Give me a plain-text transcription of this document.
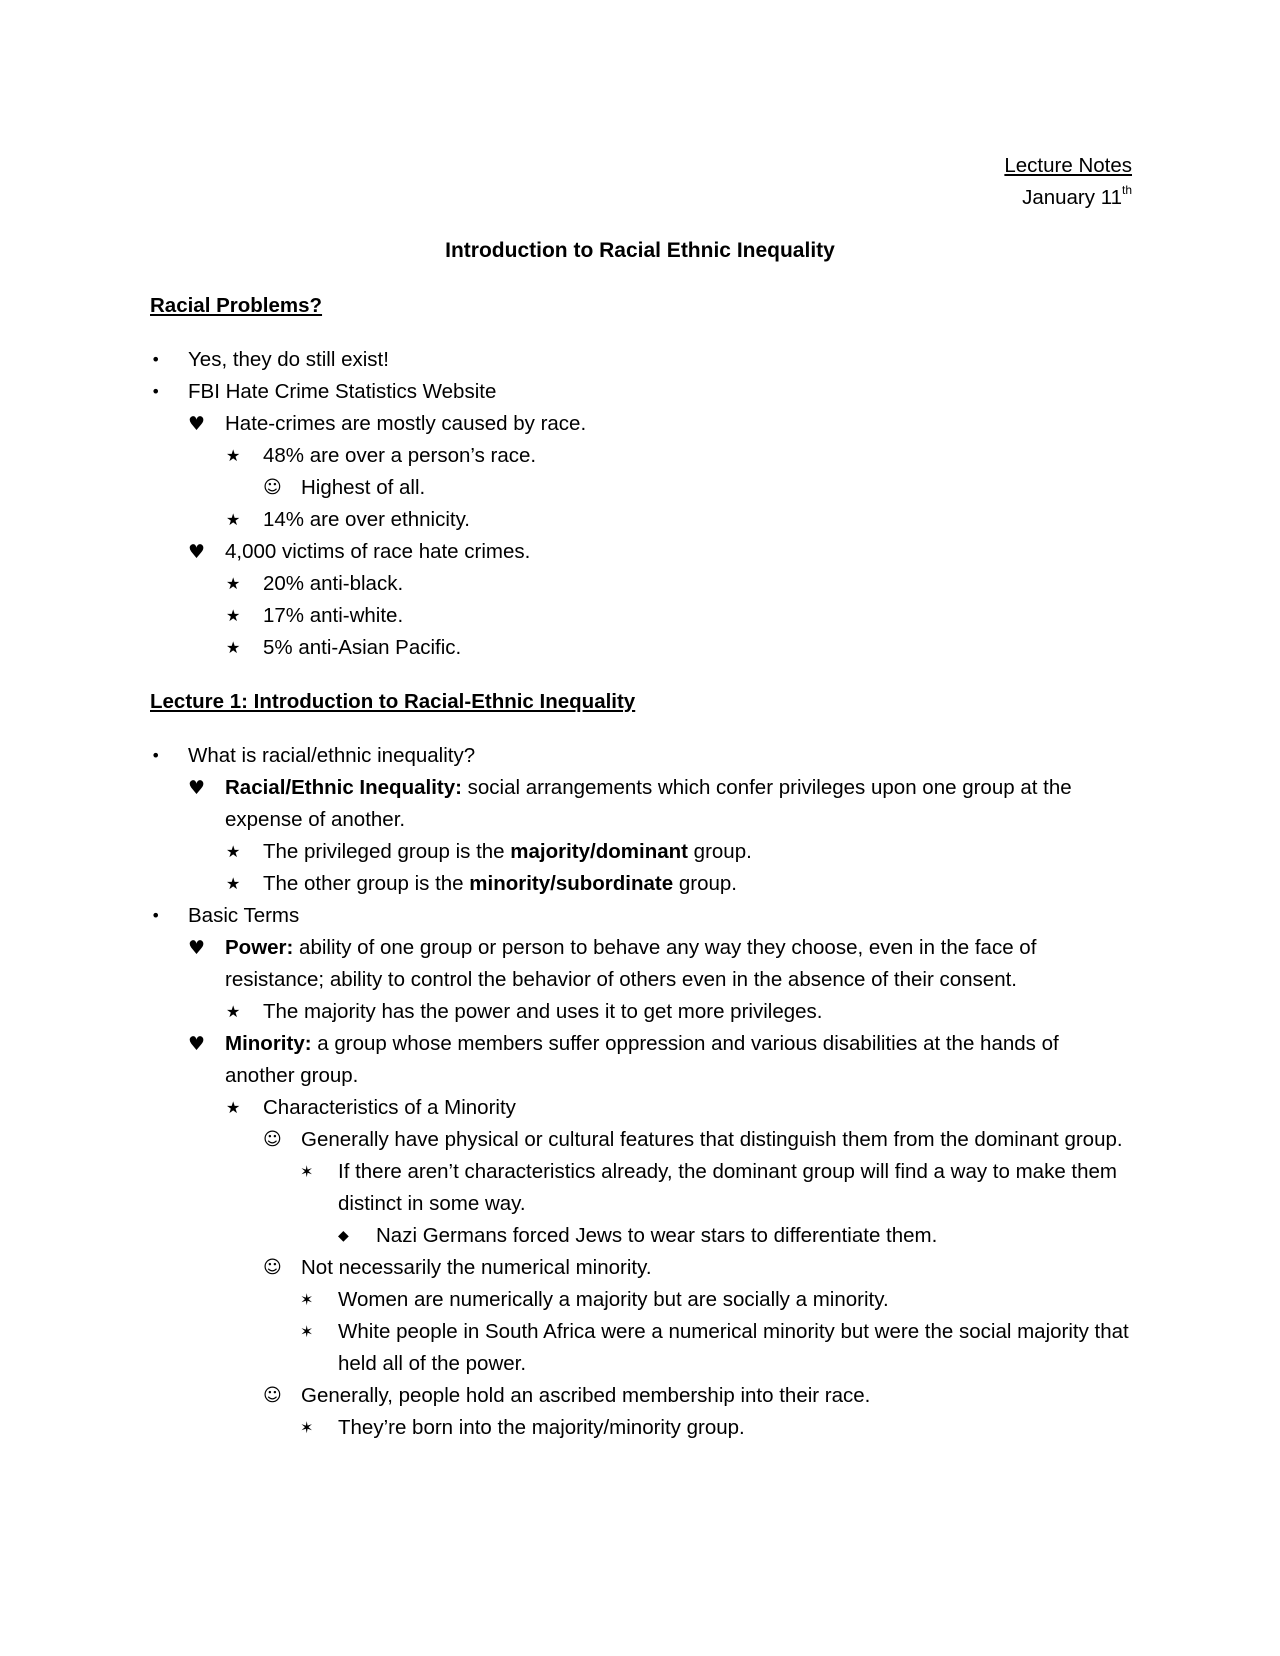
Lecture Notes
January 11th
Introduction to Racial Ethnic Inequality
Racial Problems?
•	Yes, they do still exist!
•	FBI Hate Crime Statistics Website
♥ Hate-crimes are mostly caused by race.
★	48% are over a person’s race.
☺ Highest of all.
★	14% are over ethnicity.
♥ 4,000 victims of race hate crimes.
★	20% anti-black.
★	17% anti-white.
★	5% anti-Asian Pacific.
Lecture 1: Introduction to Racial-Ethnic Inequality
•	What is racial/ethnic inequality?
♥ Racial/Ethnic Inequality: social arrangements which confer privileges upon one group at the expense of another.
★	The privileged group is the majority/dominant group.
★	The other group is the minority/subordinate group.
•	Basic Terms
♥ Power: ability of one group or person to behave any way they choose, even in the face of resistance; ability to control the behavior of others even in the absence of their consent.
★	The majority has the power and uses it to get more privileges.
♥ Minority: a group whose members suffer oppression and various disabilities at the hands of another group.
★	Characteristics of a Minority
☺ Generally have physical or cultural features that distinguish them from the dominant group.
✶	If there aren’t characteristics already, the dominant group will find a way to make them distinct in some way.
◆	Nazi Germans forced Jews to wear stars to differentiate them.
☺ Not necessarily the numerical minority.
✶	Women are numerically a majority but are socially a minority.
✶	White people in South Africa were a numerical minority but were the social majority that held all of the power.
☺ Generally, people hold an ascribed membership into their race.
✶	They’re born into the majority/minority group.
